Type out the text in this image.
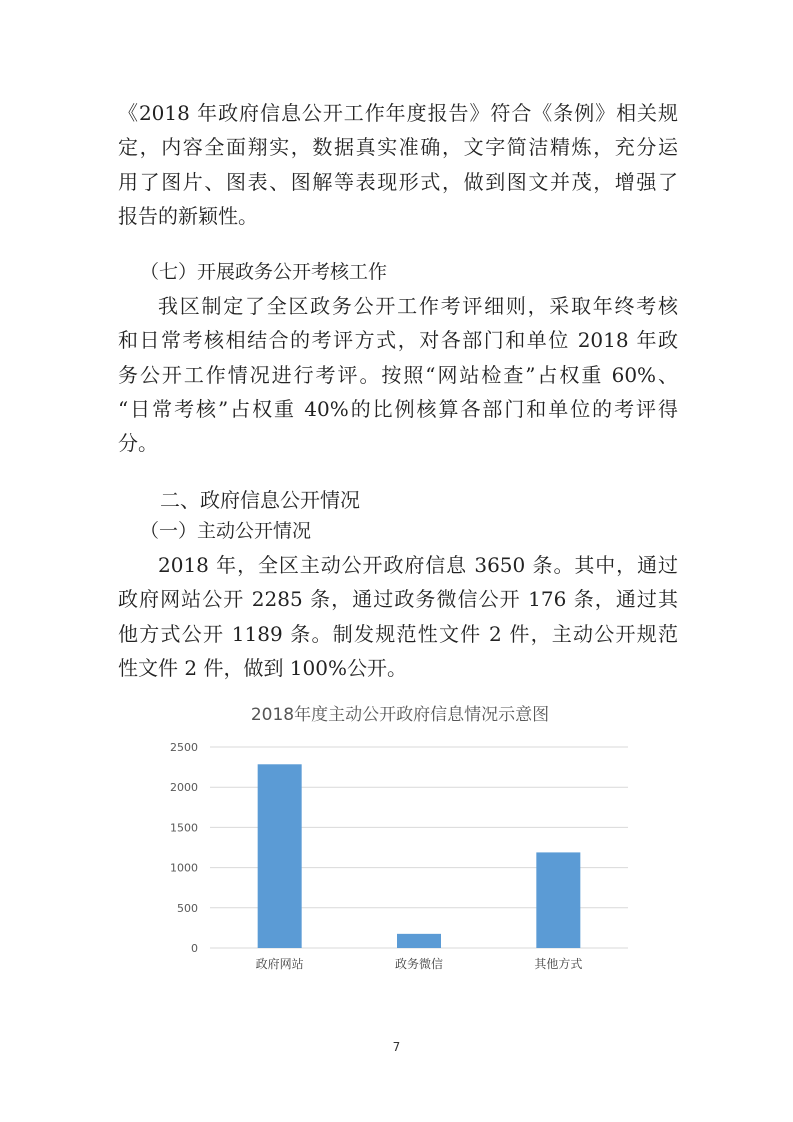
《2018 年政府信息公开工作年度报告》符合《条例》相关规
定，内容全面翔实，数据真实准确，文字简洁精炼，充分运
用了图片、图表、图解等表现形式，做到图文并茂，增强了
报告的新颖性。
（七）开展政务公开考核工作
我区制定了全区政务公开工作考评细则，采取年终考核
和日常考核相结合的考评方式，对各部门和单位 2018 年政
务公开工作情况进行考评。按照“网站检查”占权重 60%、
“日常考核”占权重 40%的比例核算各部门和单位的考评得
分。
二、政府信息公开情况
（一）主动公开情况
2018 年，全区主动公开政府信息 3650 条。其中，通过
政府网站公开 2285 条，通过政务微信公开 176 条，通过其
他方式公开 1189 条。制发规范性文件 2 件，主动公开规范
性文件 2 件，做到 100%公开。
2018年度主动公开政府信息情况示意图
0
500
1000
1500
2000
2500
政府网站	政务微信	其他方式
7
